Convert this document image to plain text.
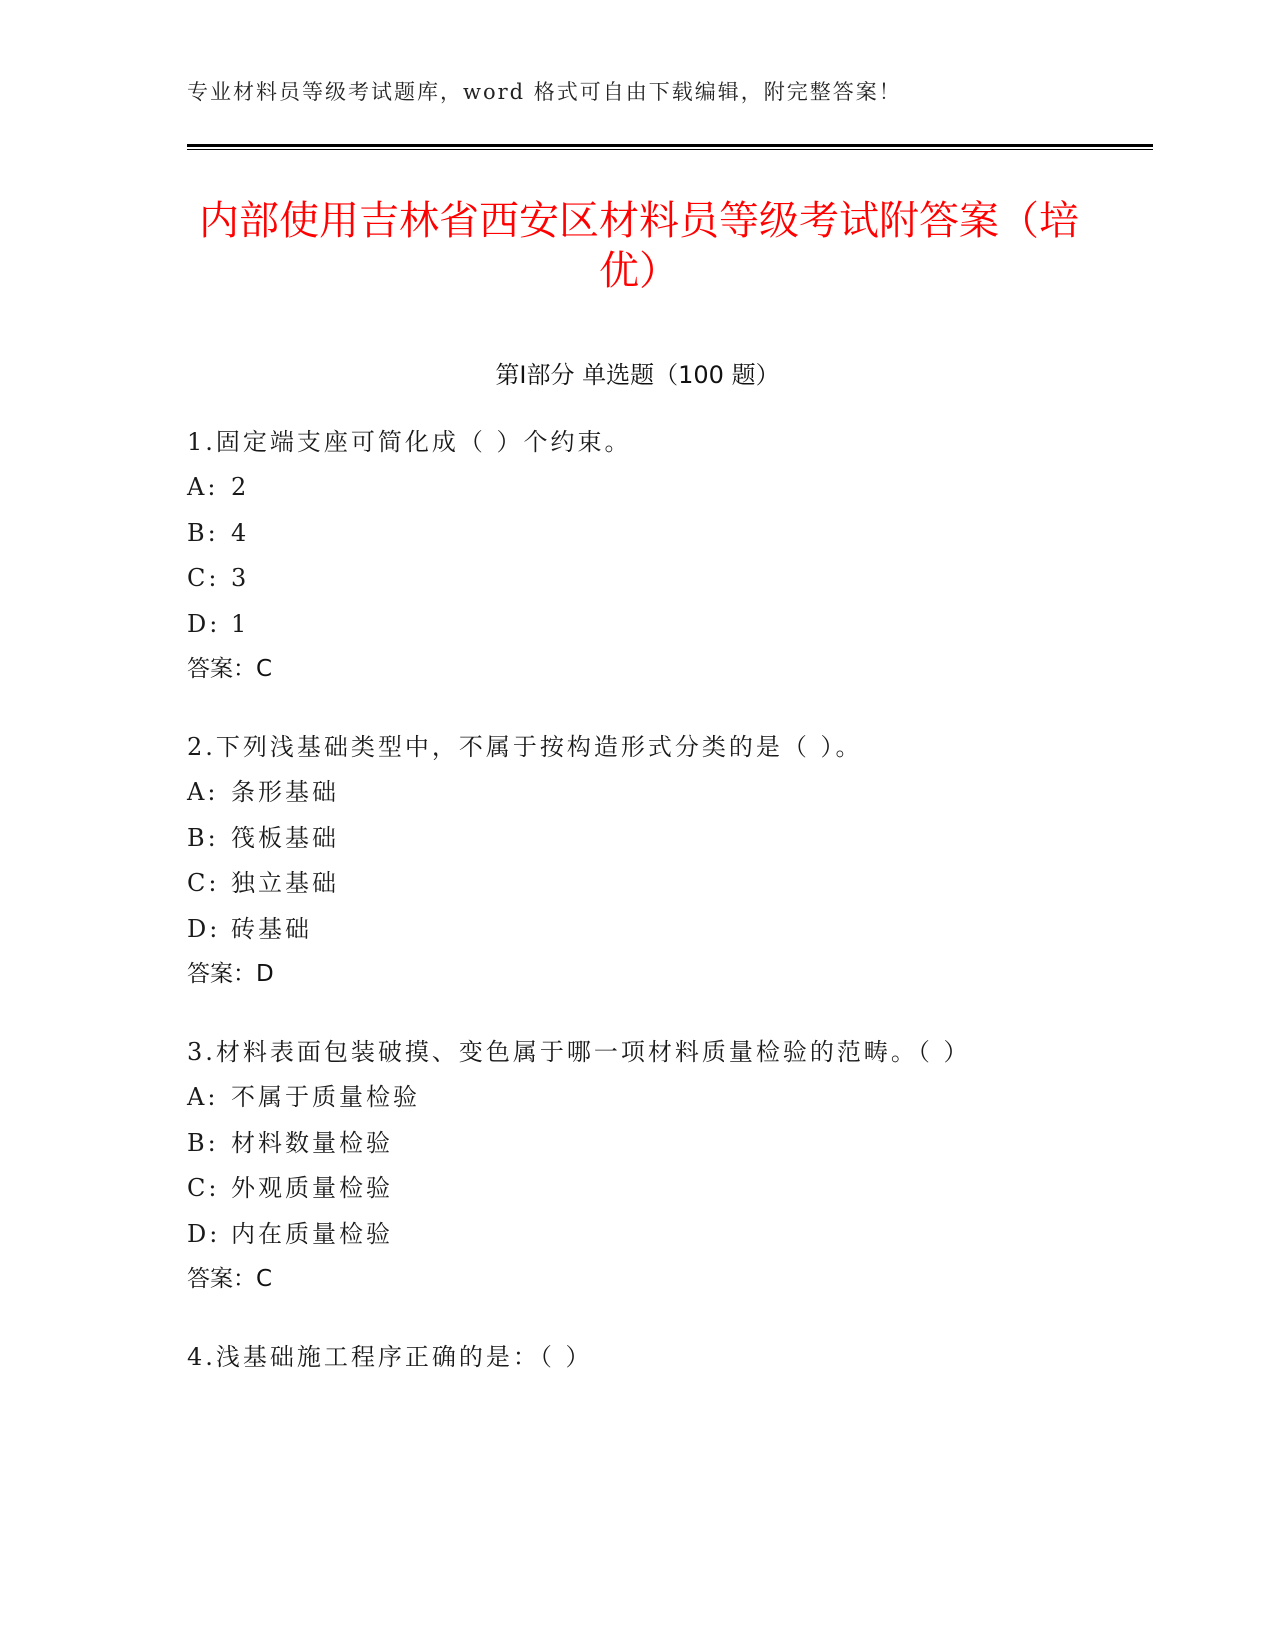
专业材料员等级考试题库，word 格式可自由下载编辑，附完整答案！
内部使用吉林省西安区材料员等级考试附答案（培优）
第Ⅰ部分 单选题（100 题）
1.固定端支座可简化成（ ）个约束。
A: 2
B: 4
C: 3
D: 1
答案：C
2.下列浅基础类型中，不属于按构造形式分类的是（ ）。
A: 条形基础
B: 筏板基础
C: 独立基础
D: 砖基础
答案：D
3.材料表面包装破摸、变色属于哪一项材料质量检验的范畴。（ ）
A: 不属于质量检验
B: 材料数量检验
C: 外观质量检验
D: 内在质量检验
答案：C
4.浅基础施工程序正确的是：（ ）
